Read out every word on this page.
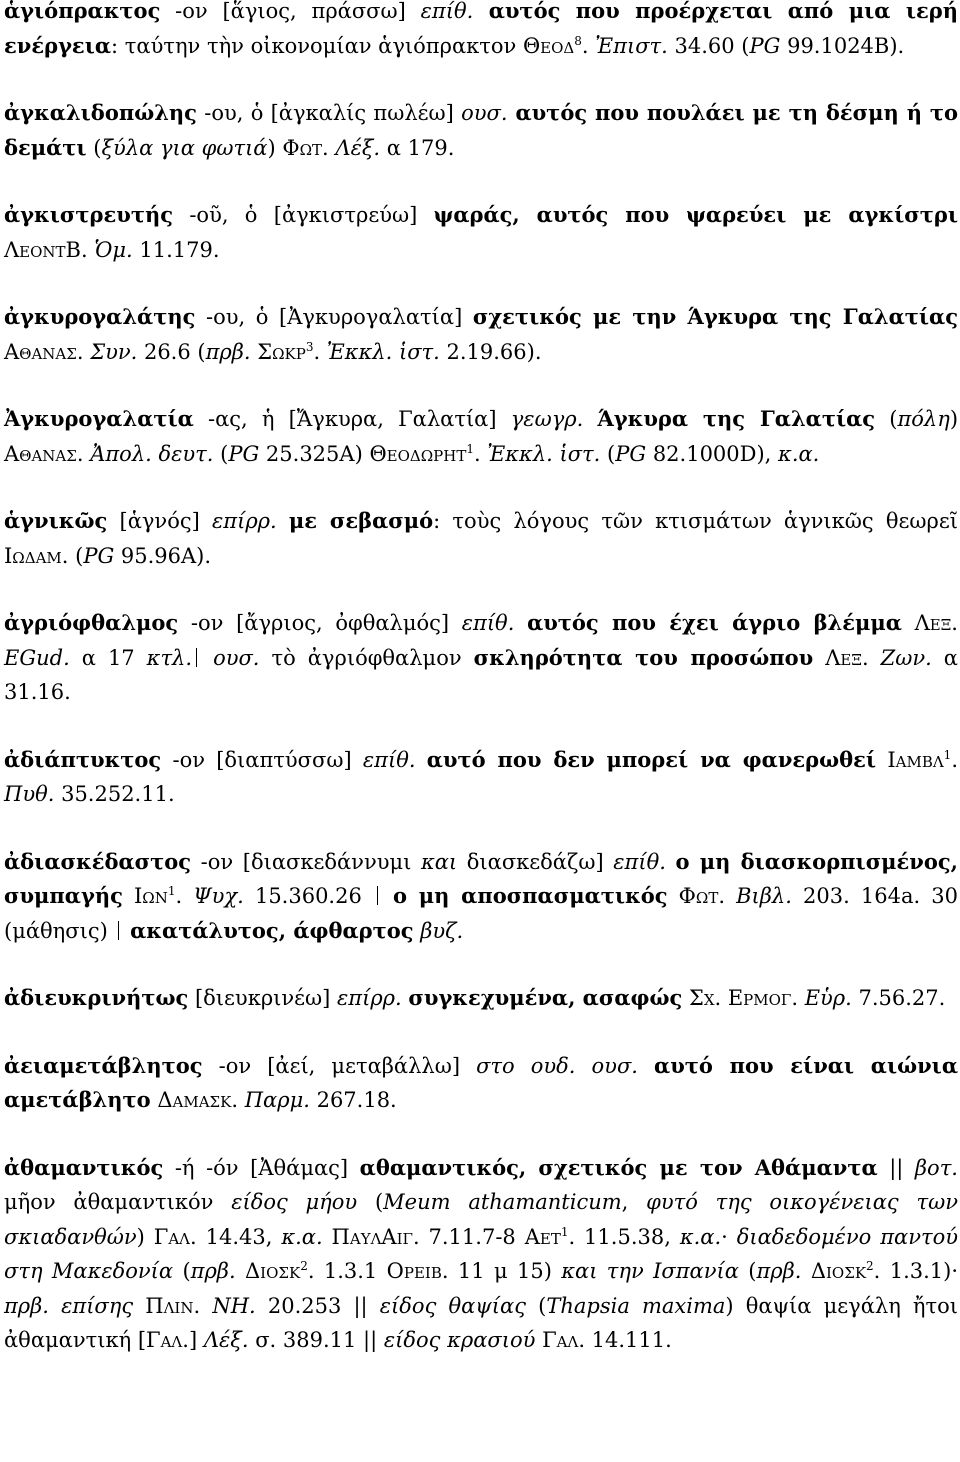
ἁγιόπρακτος -ον [ἅγιος, πράσσω] επίθ. αυτός που προέρχεται από μια ιερή ενέργεια: ταύτην τὴν οἰκονομίαν ἁγιόπρακτον Θεοδ$^8$. Ἐπιστ. 34.60 (PG 99.1024B).

ἀγκαλιδοπώλης -ου, ὁ [ἀγκαλίς πωλέω] ουσ. αυτός που πουλάει με τη δέσμη ή το δεμάτι (ξύλα για φωτιά) Φωτ. Λέξ. α 179.

ἀγκιστρευτής -οῦ, ὁ [ἀγκιστρεύω] ψαράς, αυτός που ψαρεύει με αγκίστρι ΛεοντΒ. Ὁμ. 11.179.

ἀγκυρογαλάτης -ου, ὁ [Ἀγκυρογαλατία] σχετικός με την Άγκυρα της Γαλατίας Αθανασ. Συν. 26.6 (πρβ. Σωκρ$^3$. Ἐκκλ. ἱστ. 2.19.66).

Ἀγκυρογαλατία -ας, ἡ [Ἄγκυρα, Γαλατία] γεωγρ. Άγκυρα της Γαλατίας (πόλη) Αθανασ. Ἀπολ. δευτ. (PG 25.325A) Θεοδωρητ$^1$. Ἐκκλ. ἱστ. (PG 82.1000D), κ.α.

ἁγνικῶς [ἁγνός] επίρρ. με σεβασμό: τοὺς λόγους τῶν κτισμάτων ἁγνικῶς θεωρεῖ Ιωδαμ. (PG 95.96A).

ἀγριόφθαλμος -ον [ἄγριος, ὀφθαλμός] επίθ. αυτός που έχει άγριο βλέμμα Λεξ. EGud. α 17 κτλ. ουσ. τὸ ἀγριόφθαλμον σκληρότητα του προσώπου Λεξ. Ζων. α 31.16.

ἀδιάπτυκτος -ον [διαπτύσσω] επίθ. αυτό που δεν μπορεί να φανερωθεί Ιαμβλ$^1$. Πυθ. 35.252.11.

ἀδιασκέδαστος -ον [διασκεδάννυμι και διασκεδάζω] επίθ. ο μη διασκορπισμένος, συμπαγής Ιων$^1$. Ψυχ. 15.360.26  ο μη αποσπασματικός Φωτ. Βιβλ. 203. 164a. 30 (μάθησις)  ακατάλυτος, άφθαρτος βυζ.

ἀδιευκρινήτως [διευκρινέω] επίρρ. συγκεχυμένα, ασαφώς Σχ. Ερμογ. Εὑρ. 7.56.27.

ἀειαμετάβλητος -ον [ἀεί, μεταβάλλω] στο ουδ. ουσ. αυτό που είναι αιώνια αμετάβλητο Δαμασκ. Παρμ. 267.18.

ἀθαμαντικός -ή -όν [Ἀθάμας] αθαμαντικός, σχετικός με τον Αθάμαντα || βοτ. μῆον ἀθαμαντικόν είδος μήου (Meum athamanticum, φυτό της οικογένειας των σκιαδανθών) Γαλ. 14.43, κ.α. ΠαυλΑιγ. 7.11.7-8 Αετ$^1$. 11.5.38, κ.α.· διαδεδομένο παντού στη Μακεδονία (πρβ. Διοσκ$^2$. 1.3.1 Ορειβ. 11 μ 15) και την Ισπανία (πρβ. Διοσκ$^2$. 1.3.1)· πρβ. επίσης Πλιν. NH. 20.253 || είδος θαψίας (Thapsia maxima) θαψία μεγάλη ἤτοι ἀθαμαντική [Γαλ.] Λέξ. σ. 389.11 || είδος κρασιού Γαλ. 14.111.
